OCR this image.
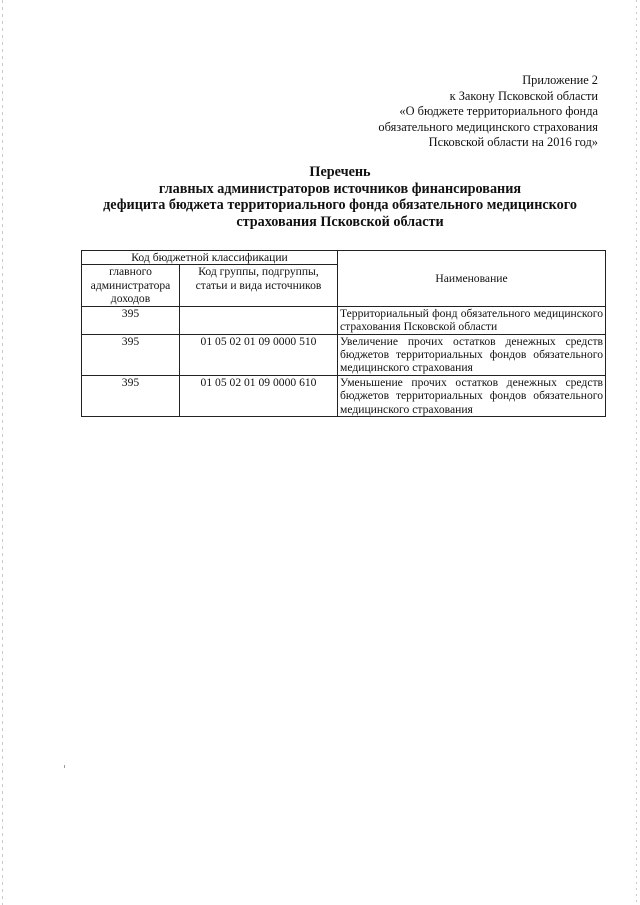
Приложение 2
к Закону Псковской области
«О бюджете территориального фонда
обязательного медицинского страхования
Псковской области на 2016 год»
Перечень
главных администраторов источников финансирования
дефицита бюджета территориального фонда обязательного медицинского
страхования Псковской области
Код бюджетной классификации		Наименование
главного администратора доходов	Код группы, подгруппы, статьи и вида источников	
395		Территориальный фонд обязательного медицинского страхования Псковской области
395	01 05 02 01 09 0000 510	Увеличение прочих остатков денежных средств бюджетов территориальных фондов обязательного медицинского страхования
395	01 05 02 01 09 0000 610	Уменьшение прочих остатков денежных средств бюджетов территориальных фондов обязательного медицинского страхования
